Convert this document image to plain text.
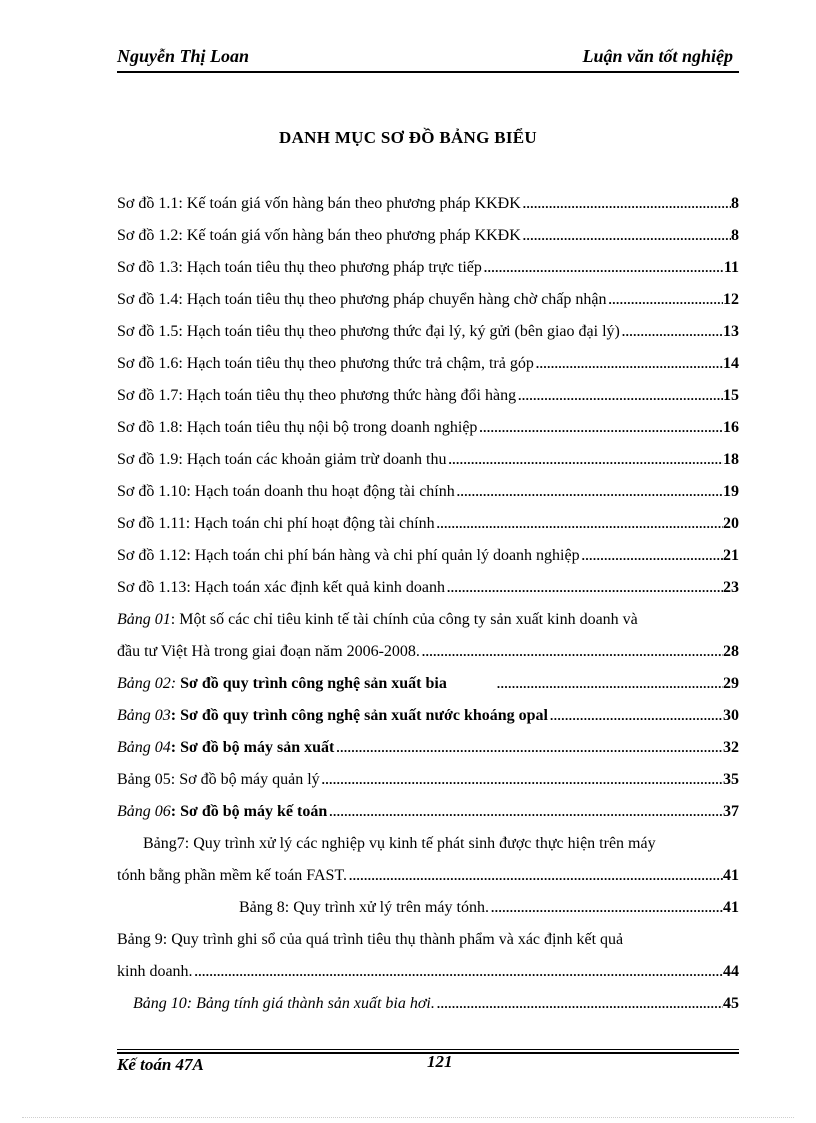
Nguyễn Thị Loan	Luận văn tốt nghiệp
DANH MỤC SƠ ĐỒ BẢNG BIỂU
Sơ đồ 1.1: Kế toán giá vốn hàng bán theo phương pháp KKĐK .....	8
Sơ đồ 1.2: Kế toán giá vốn hàng bán theo phương pháp KKĐK .....	8
Sơ đồ 1.3: Hạch toán tiêu thụ theo phương pháp trực tiếp .....	11
Sơ đồ 1.4: Hạch toán tiêu thụ theo phương pháp chuyển hàng chờ chấp nhận .....	12
Sơ đồ 1.5: Hạch toán tiêu thụ theo phương thức đại lý, ký gửi (bên giao đại lý) .....	13
Sơ đồ 1.6: Hạch toán tiêu thụ theo phương thức trả chậm, trả góp .....	14
Sơ đồ 1.7: Hạch toán tiêu thụ theo phương thức hàng đổi hàng .....	15
Sơ đồ 1.8: Hạch toán tiêu thụ nội bộ trong doanh nghiệp .....	16
Sơ đồ 1.9: Hạch toán các khoản giảm trừ doanh thu .....	18
Sơ đồ 1.10: Hạch toán doanh thu hoạt động tài chính .....	19
Sơ đồ 1.11: Hạch toán chi phí hoạt động tài chính .....	20
Sơ đồ 1.12: Hạch toán chi phí bán hàng và chi phí quản lý doanh nghiệp .....	21
Sơ đồ 1.13: Hạch toán xác định kết quả kinh doanh .....	23
Bảng 01: Một số các chỉ tiêu kinh tế tài chính của công ty sản xuất kinh doanh và
đầu tư Việt Hà trong giai đoạn năm 2006-2008. .....	28
Bảng 02: Sơ đồ quy trình công nghệ sản xuất bia .....	29
Bảng 03: Sơ đồ quy trình công nghệ sản xuất nước khoáng opal .....	30
Bảng 04: Sơ đồ bộ máy sản xuất .....	32
Bảng 05: Sơ đồ bộ máy quản lý .....	35
Bảng 06: Sơ đồ bộ máy kế toán .....	37
Bảng7: Quy trình xử lý các nghiệp vụ kinh tế phát sinh được thực hiện trên máy
tónh bằng phần mềm kế toán FAST. .....	41
Bảng 8: Quy trình xử lý trên máy tónh. .....	41
Bảng 9: Quy trình ghi sổ của quá trình tiêu thụ thành phẩm và xác định kết quả
kinh doanh. .....	44
Bảng 10: Bảng tính giá thành sản xuất bia hơi. .....	45
Kế toán 47A	121
